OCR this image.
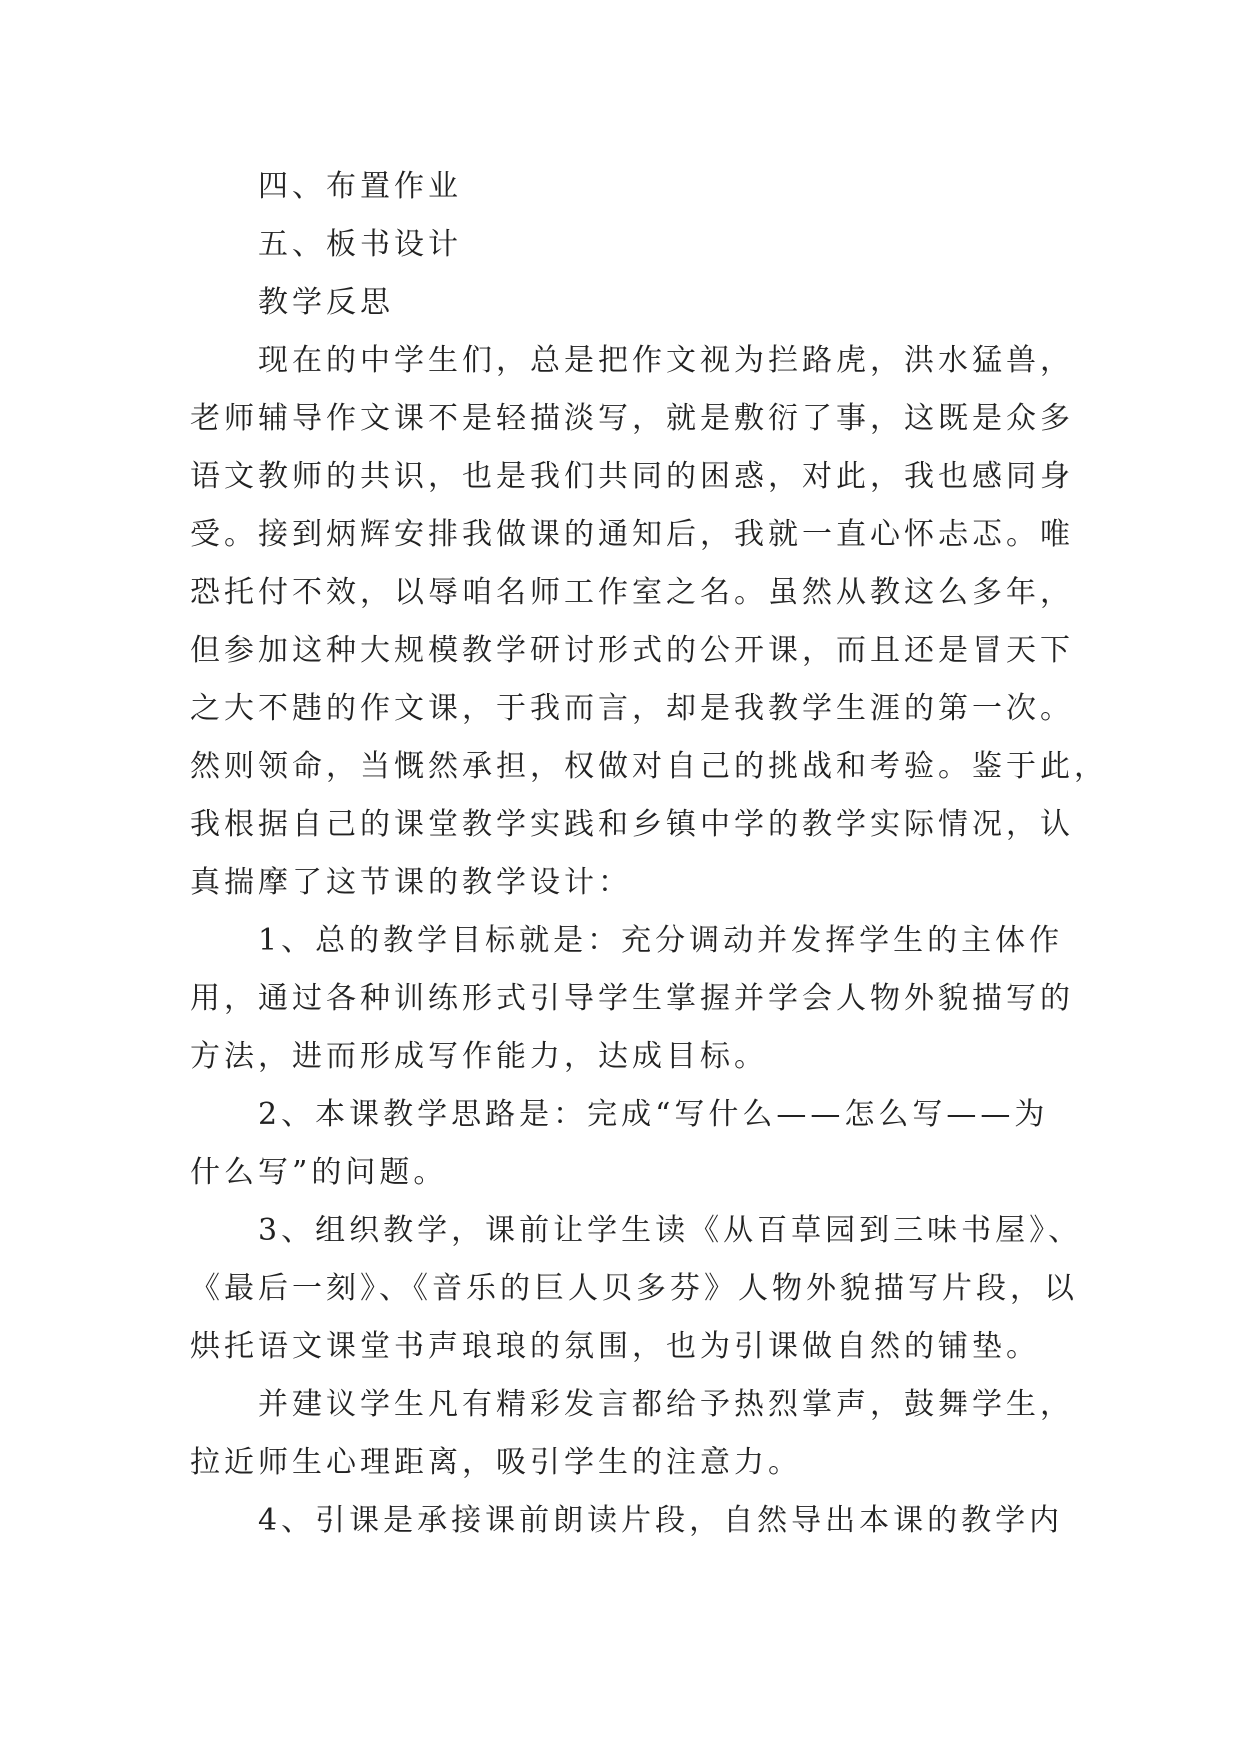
四、布置作业
五、板书设计
教学反思
现在的中学生们，总是把作文视为拦路虎，洪水猛兽，
老师辅导作文课不是轻描淡写，就是敷衍了事，这既是众多
语文教师的共识，也是我们共同的困惑，对此，我也感同身
受。接到炳辉安排我做课的通知后，我就一直心怀忐忑。唯
恐托付不效，以辱咱名师工作室之名。虽然从教这么多年，
但参加这种大规模教学研讨形式的公开课，而且还是冒天下
之大不韪的作文课，于我而言，却是我教学生涯的第一次。
然则领命，当慨然承担，权做对自己的挑战和考验。鉴于此，
我根据自己的课堂教学实践和乡镇中学的教学实际情况，认
真揣摩了这节课的教学设计：
1、总的教学目标就是：充分调动并发挥学生的主体作
用，通过各种训练形式引导学生掌握并学会人物外貌描写的
方法，进而形成写作能力，达成目标。
2、本课教学思路是：完成“写什么——怎么写——为
什么写”的问题。
3、组织教学，课前让学生读《从百草园到三味书屋》、
《最后一刻》、《音乐的巨人贝多芬》人物外貌描写片段，以
烘托语文课堂书声琅琅的氛围，也为引课做自然的铺垫。
并建议学生凡有精彩发言都给予热烈掌声，鼓舞学生，
拉近师生心理距离，吸引学生的注意力。
4、引课是承接课前朗读片段，自然导出本课的教学内
